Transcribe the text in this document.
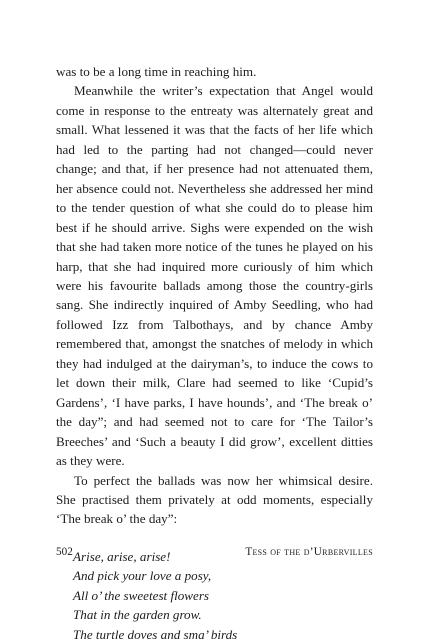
was to be a long time in reaching him.

Meanwhile the writer’s expectation that Angel would come in response to the entreaty was alternately great and small. What lessened it was that the facts of her life which had led to the parting had not changed—could never change; and that, if her presence had not attenuated them, her absence could not. Nevertheless she addressed her mind to the tender question of what she could do to please him best if he should arrive. Sighs were expended on the wish that she had taken more notice of the tunes he played on his harp, that she had inquired more curiously of him which were his favourite ballads among those the country-girls sang. She indirectly inquired of Amby Seedling, who had followed Izz from Talbothays, and by chance Amby remembered that, amongst the snatches of melody in which they had indulged at the dairyman’s, to induce the cows to let down their milk, Clare had seemed to like ‘Cupid’s Gardens’, ‘I have parks, I have hounds’, and ‘The break o’ the day”; and had seemed not to care for ‘The Tailor’s Breeches’ and ‘Such a beauty I did grow’, excellent ditties as they were.

To perfect the ballads was now her whimsical desire. She practised them privately at odd moments, especially ‘The break o’ the day”:

Arise, arise, arise!
And pick your love a posy,
All o’ the sweetest flowers
That in the garden grow.
The turtle doves and sma’ birds
502	Tess of the d’Urbervilles
